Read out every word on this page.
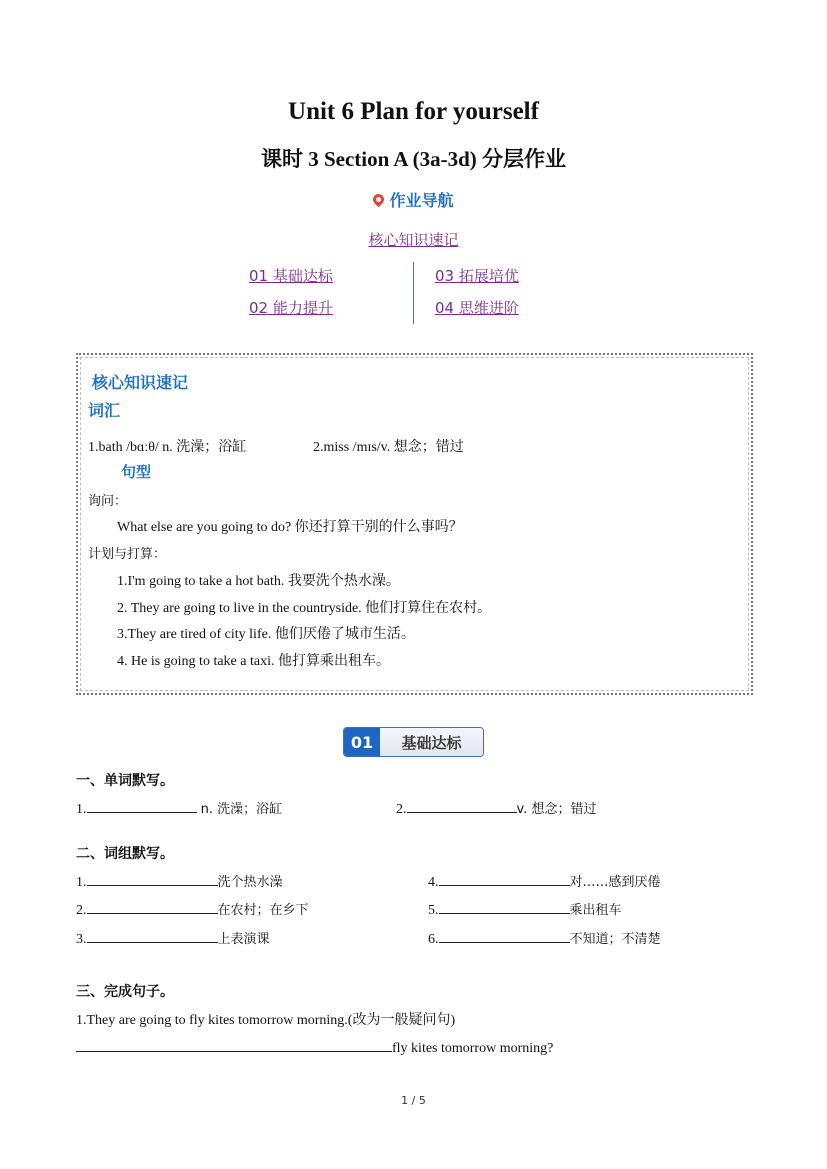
Unit 6 Plan for yourself
课时 3 Section A (3a-3d) 分层作业
作业导航
核心知识速记
01 基础达标
02 能力提升
03 拓展培优
04 思维进阶
核心知识速记
词汇
1.bath /bɑːθ/ n. 洗澡；浴缸	2.miss /mɪs/v. 想念；错过
句型
询问：
What else are you going to do? 你还打算干别的什么事吗？
计划与打算：
1.I'm going to take a hot bath. 我要洗个热水澡。
2. They are going to live in the countryside. 他们打算住在农村。
3.They are tired of city life. 他们厌倦了城市生活。
4. He is going to take a taxi. 他打算乘出租车。
01	基础达标
一、单词默写。
1.	n. 洗澡；浴缸	2.	v. 想念；错过
二、词组默写。
1.	洗个热水澡
2.	在农村；在乡下
3.	上表演课
4.	对……感到厌倦
5.	乘出租车
6.	不知道；不清楚
三、完成句子。
1.They are going to fly kites tomorrow morning.(改为一般疑问句)
fly kites tomorrow morning?
1 / 5
